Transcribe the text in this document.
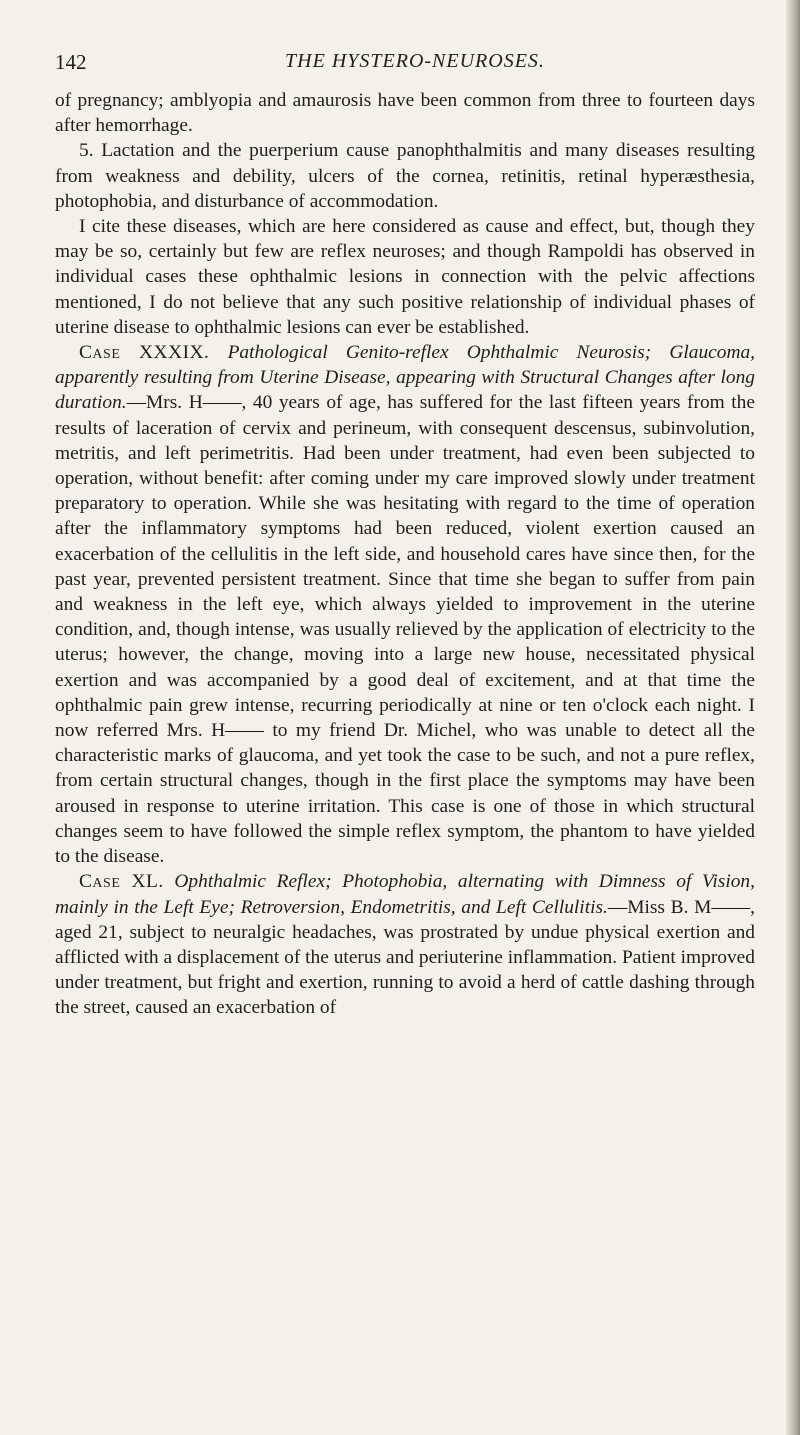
142	THE HYSTERO-NEUROSES.

of pregnancy; amblyopia and amaurosis have been common from three to fourteen days after hemorrhage.

5. Lactation and the puerperium cause panophthalmitis and many diseases resulting from weakness and debility, ulcers of the cornea, retinitis, retinal hyperæsthesia, photophobia, and disturbance of accommodation.

I cite these diseases, which are here considered as cause and effect, but, though they may be so, certainly but few are reflex neuroses; and though Rampoldi has observed in individual cases these ophthalmic lesions in connection with the pelvic affections mentioned, I do not believe that any such positive relationship of individual phases of uterine disease to ophthalmic lesions can ever be established.

Case XXXIX. Pathological Genito-reflex Ophthalmic Neurosis; Glaucoma, apparently resulting from Uterine Disease, appearing with Structural Changes after long duration.—Mrs. H——, 40 years of age, has suffered for the last fifteen years from the results of laceration of cervix and perineum, with consequent descensus, subinvolution, metritis, and left perimetritis. Had been under treatment, had even been subjected to operation, without benefit: after coming under my care improved slowly under treatment preparatory to operation. While she was hesitating with regard to the time of operation after the inflammatory symptoms had been reduced, violent exertion caused an exacerbation of the cellulitis in the left side, and household cares have since then, for the past year, prevented persistent treatment. Since that time she began to suffer from pain and weakness in the left eye, which always yielded to improvement in the uterine condition, and, though intense, was usually relieved by the application of electricity to the uterus; however, the change, moving into a large new house, necessitated physical exertion and was accompanied by a good deal of excitement, and at that time the ophthalmic pain grew intense, recurring periodically at nine or ten o'clock each night. I now referred Mrs. H—— to my friend Dr. Michel, who was unable to detect all the characteristic marks of glaucoma, and yet took the case to be such, and not a pure reflex, from certain structural changes, though in the first place the symptoms may have been aroused in response to uterine irritation. This case is one of those in which structural changes seem to have followed the simple reflex symptom, the phantom to have yielded to the disease.

Case XL. Ophthalmic Reflex; Photophobia, alternating with Dimness of Vision, mainly in the Left Eye; Retroversion, Endometritis, and Left Cellulitis.—Miss B. M——, aged 21, subject to neuralgic headaches, was prostrated by undue physical exertion and afflicted with a displacement of the uterus and periuterine inflammation. Patient improved under treatment, but fright and exertion, running to avoid a herd of cattle dashing through the street, caused an exacerbation of
